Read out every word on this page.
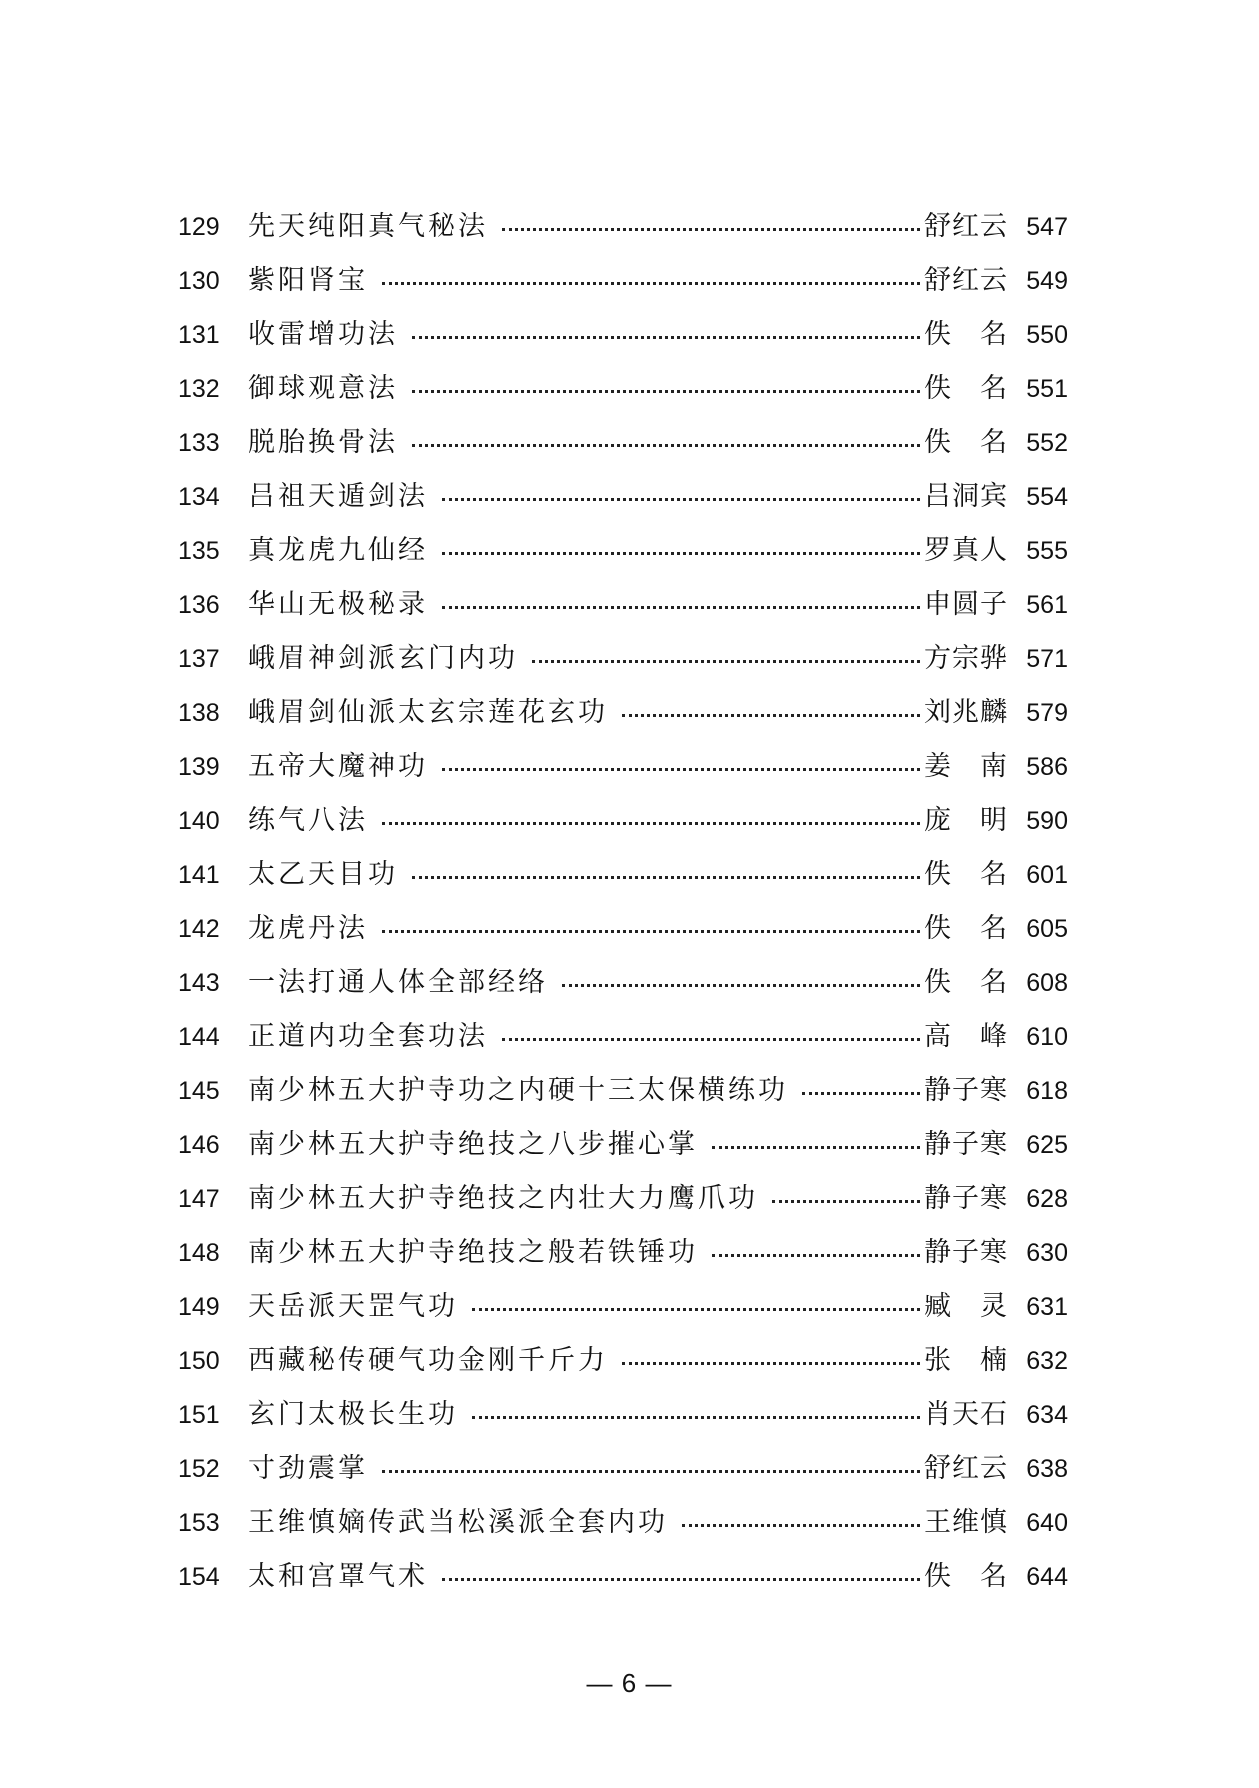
129	先天纯阳真气秘法	舒红云 547
130	紫阳肾宝	舒红云 549
131	收雷增功法	佚　名 550
132	御球观意法	佚　名 551
133	脱胎换骨法	佚　名 552
134	吕祖天遁剑法	吕洞宾 554
135	真龙虎九仙经	罗真人 555
136	华山无极秘录	申圆子 561
137	峨眉神剑派玄门内功	方宗骅 571
138	峨眉剑仙派太玄宗莲花玄功	刘兆麟 579
139	五帝大魔神功	姜　南 586
140	练气八法	庞　明 590
141	太乙天目功	佚　名 601
142	龙虎丹法	佚　名 605
143	一法打通人体全部经络	佚　名 608
144	正道内功全套功法	高　峰 610
145	南少林五大护寺功之内硬十三太保横练功	静子寒 618
146	南少林五大护寺绝技之八步摧心掌	静子寒 625
147	南少林五大护寺绝技之内壮大力鹰爪功	静子寒 628
148	南少林五大护寺绝技之般若铁锤功	静子寒 630
149	天岳派天罡气功	臧　灵 631
150	西藏秘传硬气功金刚千斤力	张　楠 632
151	玄门太极长生功	肖天石 634
152	寸劲震掌	舒红云 638
153	王维慎嫡传武当松溪派全套内功	王维慎 640
154	太和宫罩气术	佚　名 644
— 6 —
